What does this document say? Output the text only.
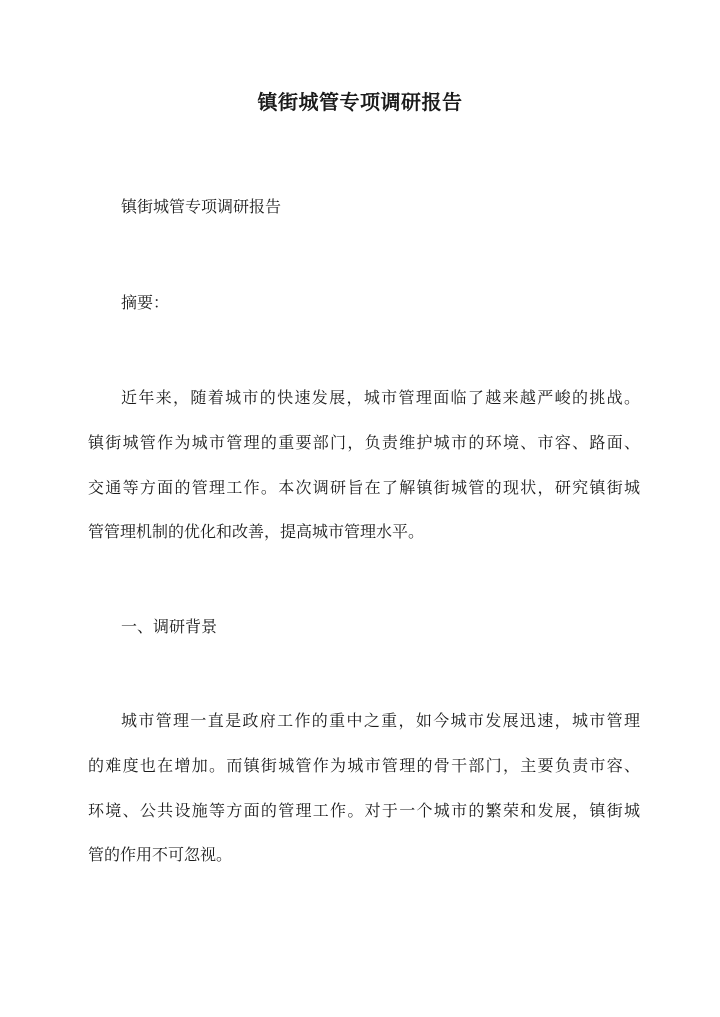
镇街城管专项调研报告
镇街城管专项调研报告
摘要：
近年来，随着城市的快速发展，城市管理面临了越来越严峻的挑战。
镇街城管作为城市管理的重要部门，负责维护城市的环境、市容、路面、
交通等方面的管理工作。本次调研旨在了解镇街城管的现状，研究镇街城
管管理机制的优化和改善，提高城市管理水平。
一、调研背景
城市管理一直是政府工作的重中之重，如今城市发展迅速，城市管理
的难度也在增加。而镇街城管作为城市管理的骨干部门，主要负责市容、
环境、公共设施等方面的管理工作。对于一个城市的繁荣和发展，镇街城
管的作用不可忽视。
